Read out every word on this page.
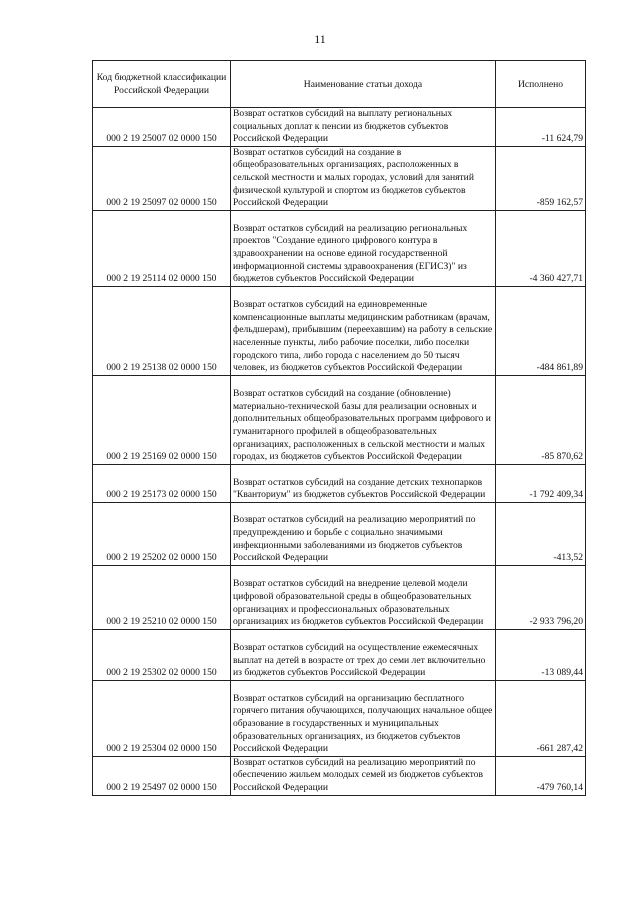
11
Код бюджетной классификации Российской Федерации	Наименование статьи дохода	Исполнено
000 2 19 25007 02 0000 150	Возврат остатков субсидий на выплату региональных социальных доплат к пенсии из бюджетов субъектов Российской Федерации	-11 624,79
000 2 19 25097 02 0000 150	Возврат остатков субсидий на создание в общеобразовательных организациях, расположенных в сельской местности и малых городах, условий для занятий физической культурой и спортом из бюджетов субъектов Российской Федерации	-859 162,57
000 2 19 25114 02 0000 150	Возврат остатков субсидий на реализацию региональных проектов "Создание единого цифрового контура в здравоохранении на основе единой государственной информационной системы здравоохранения (ЕГИСЗ)" из бюджетов субъектов Российской Федерации	-4 360 427,71
000 2 19 25138 02 0000 150	Возврат остатков субсидий на единовременные компенсационные выплаты медицинским работникам (врачам, фельдшерам), прибывшим (переехавшим) на работу в сельские населенные пункты, либо рабочие поселки, либо поселки городского типа, либо города с населением до 50 тысяч человек, из бюджетов субъектов Российской Федерации	-484 861,89
000 2 19 25169 02 0000 150	Возврат остатков субсидий на создание (обновление) материально-технической базы для реализации основных и дополнительных общеобразовательных программ цифрового и гуманитарного профилей в общеобразовательных организациях, расположенных в сельской местности и малых городах, из бюджетов субъектов Российской Федерации	-85 870,62
000 2 19 25173 02 0000 150	Возврат остатков субсидий на создание детских технопарков "Кванториум" из бюджетов субъектов Российской Федерации	-1 792 409,34
000 2 19 25202 02 0000 150	Возврат остатков субсидий на реализацию мероприятий по предупреждению и борьбе с социально значимыми инфекционными заболеваниями из бюджетов субъектов Российской Федерации	-413,52
000 2 19 25210 02 0000 150	Возврат остатков субсидий на внедрение целевой модели цифровой образовательной среды в общеобразовательных организациях и профессиональных образовательных организациях из бюджетов субъектов Российской Федерации	-2 933 796,20
000 2 19 25302 02 0000 150	Возврат остатков субсидий на осуществление ежемесячных выплат на детей в возрасте от трех до семи лет включительно из бюджетов субъектов Российской Федерации	-13 089,44
000 2 19 25304 02 0000 150	Возврат остатков субсидий на организацию бесплатного горячего питания обучающихся, получающих начальное общее образование в государственных и муниципальных образовательных организациях, из бюджетов субъектов Российской Федерации	-661 287,42
000 2 19 25497 02 0000 150	Возврат остатков субсидий на реализацию мероприятий по обеспечению жильем молодых семей из бюджетов субъектов Российской Федерации	-479 760,14
